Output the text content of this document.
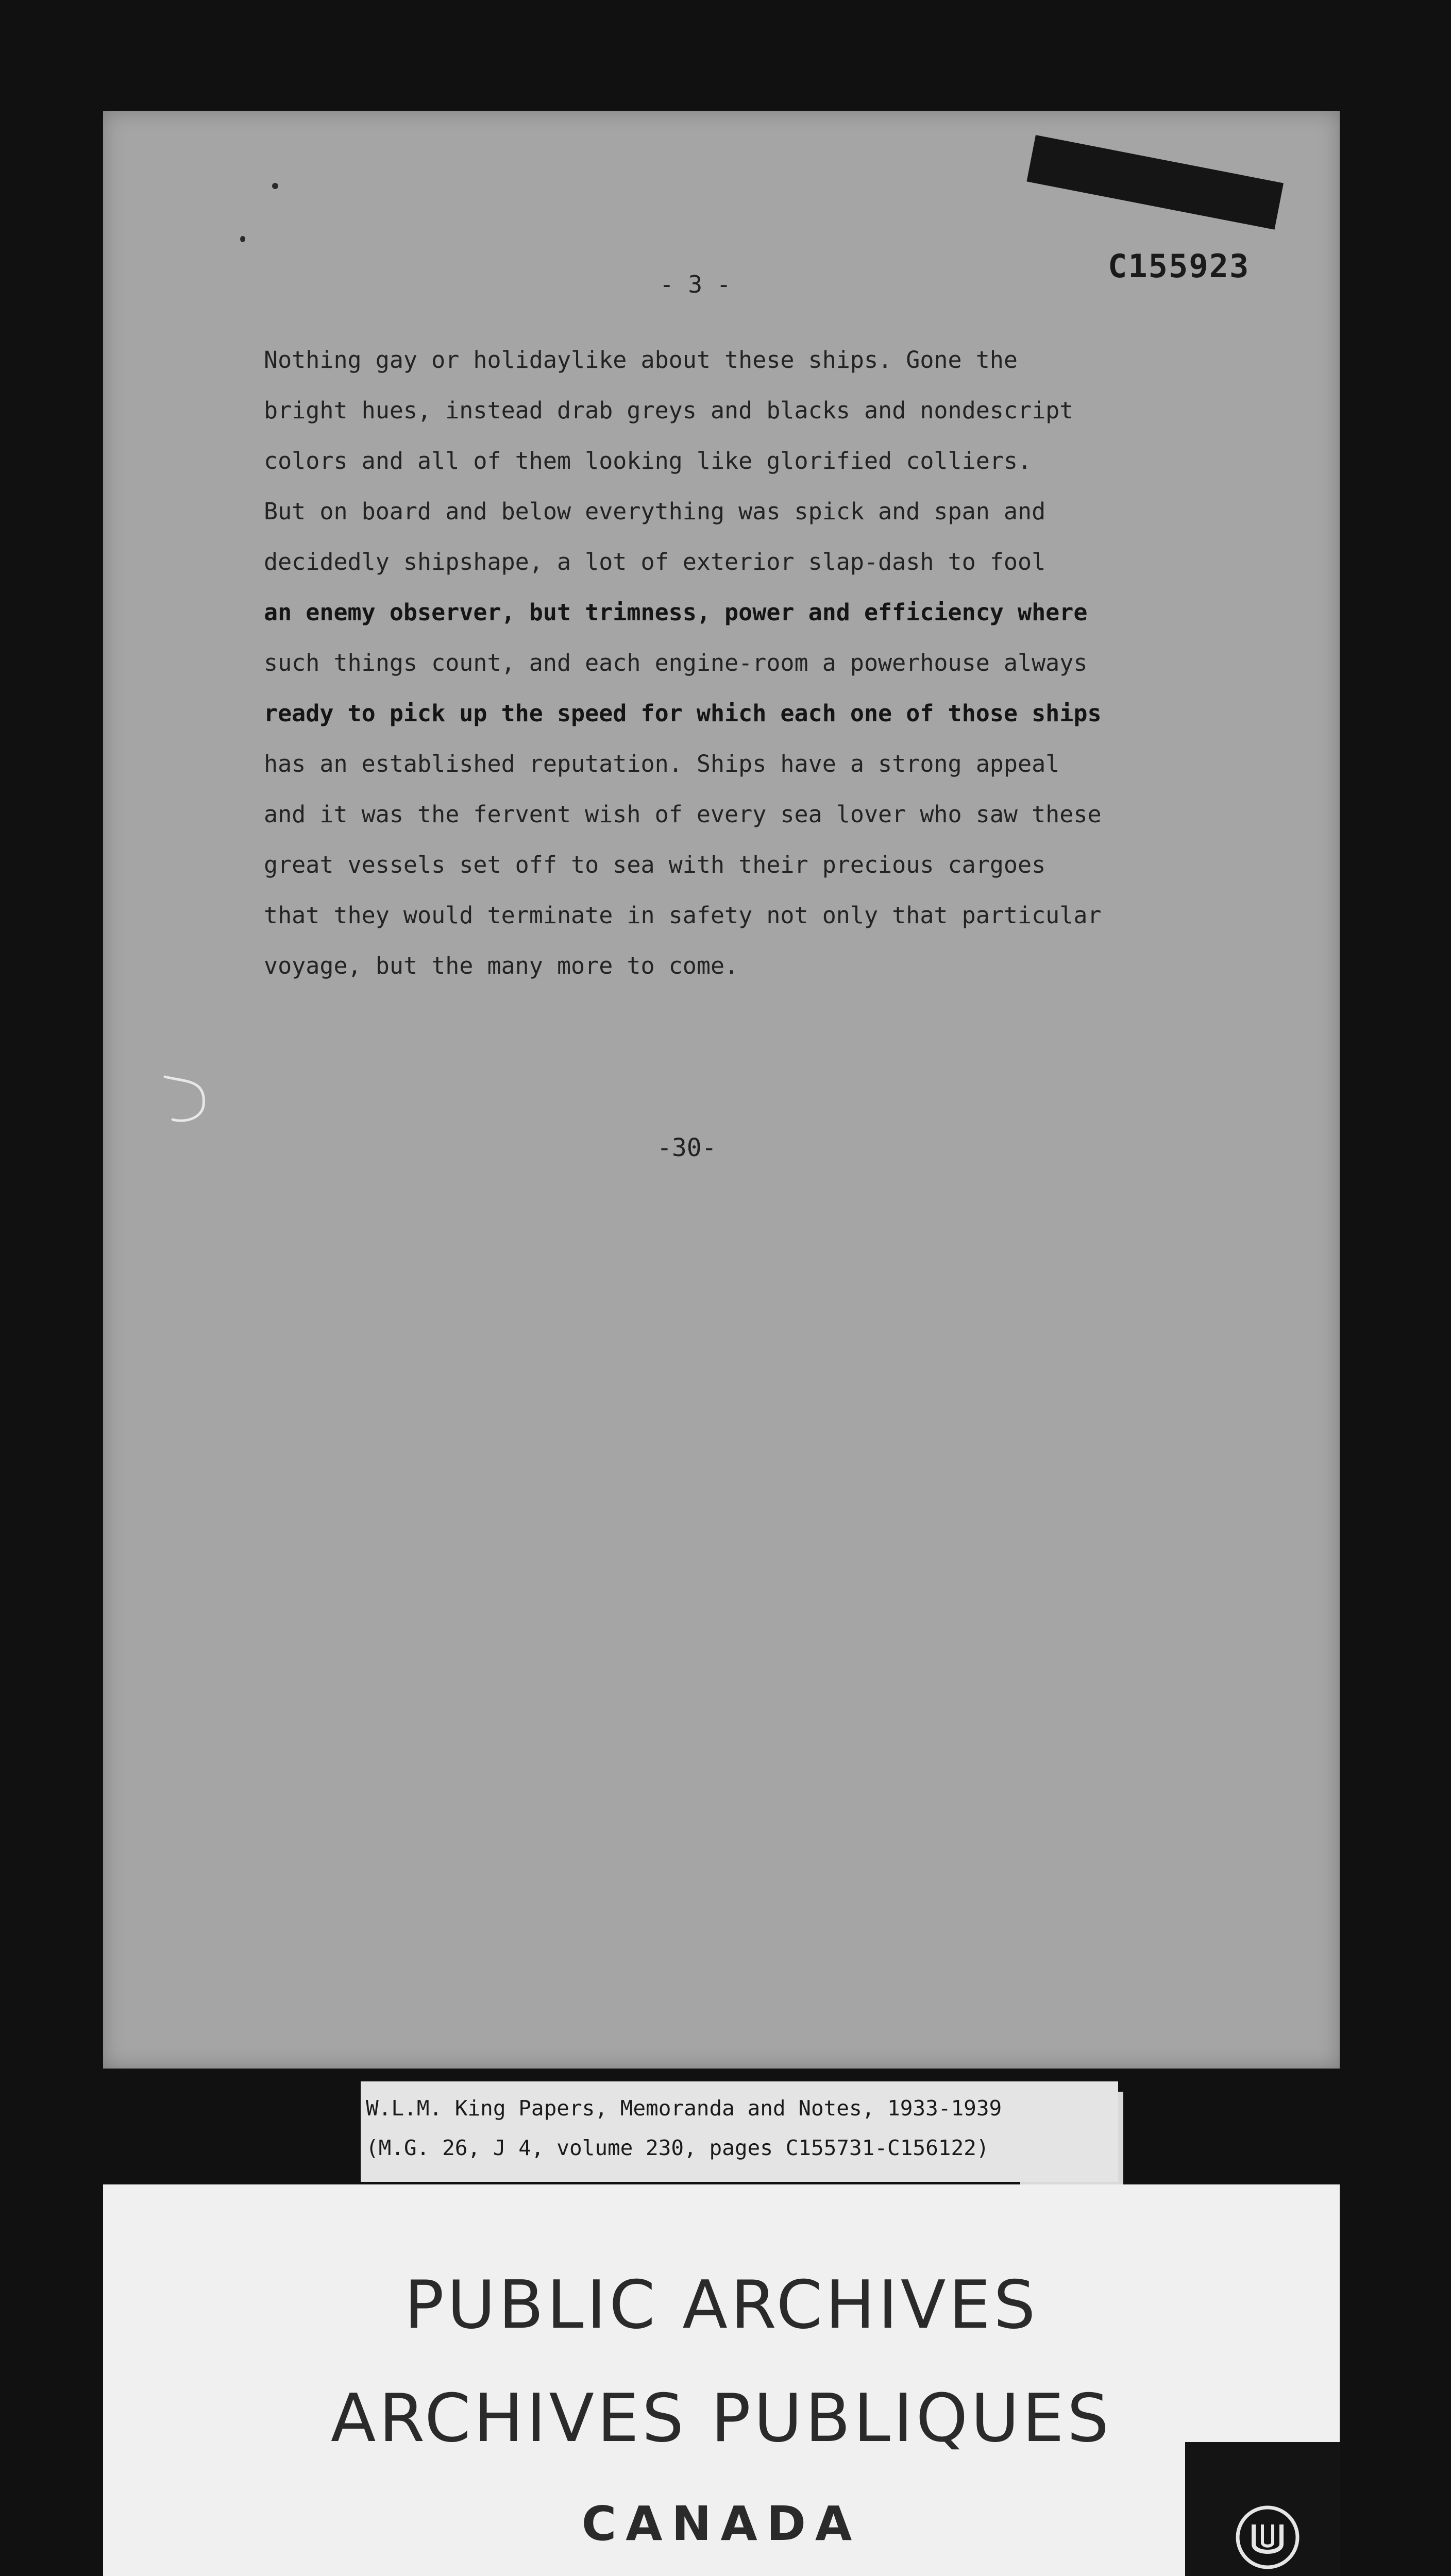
C155923
- 3 -
Nothing gay or holidaylike about these ships. Gone the
bright hues, instead drab greys and blacks and nondescript
colors and all of them looking like glorified colliers.
But on board and below everything was spick and span and
decidedly shipshape, a lot of exterior slap-dash to fool
an enemy observer, but trimness, power and efficiency where
such things count, and each engine-room a powerhouse always
ready to pick up the speed for which each one of those ships
has an established reputation. Ships have a strong appeal
and it was the fervent wish of every sea lover who saw these
great vessels set off to sea with their precious cargoes
that they would terminate in safety not only that particular
voyage, but the many more to come.
-30-
W.L.M. King Papers, Memoranda and Notes, 1933-1939
(M.G. 26, J 4, volume 230, pages C155731-C156122)
PUBLIC ARCHIVES
ARCHIVES PUBLIQUES
CANADA
